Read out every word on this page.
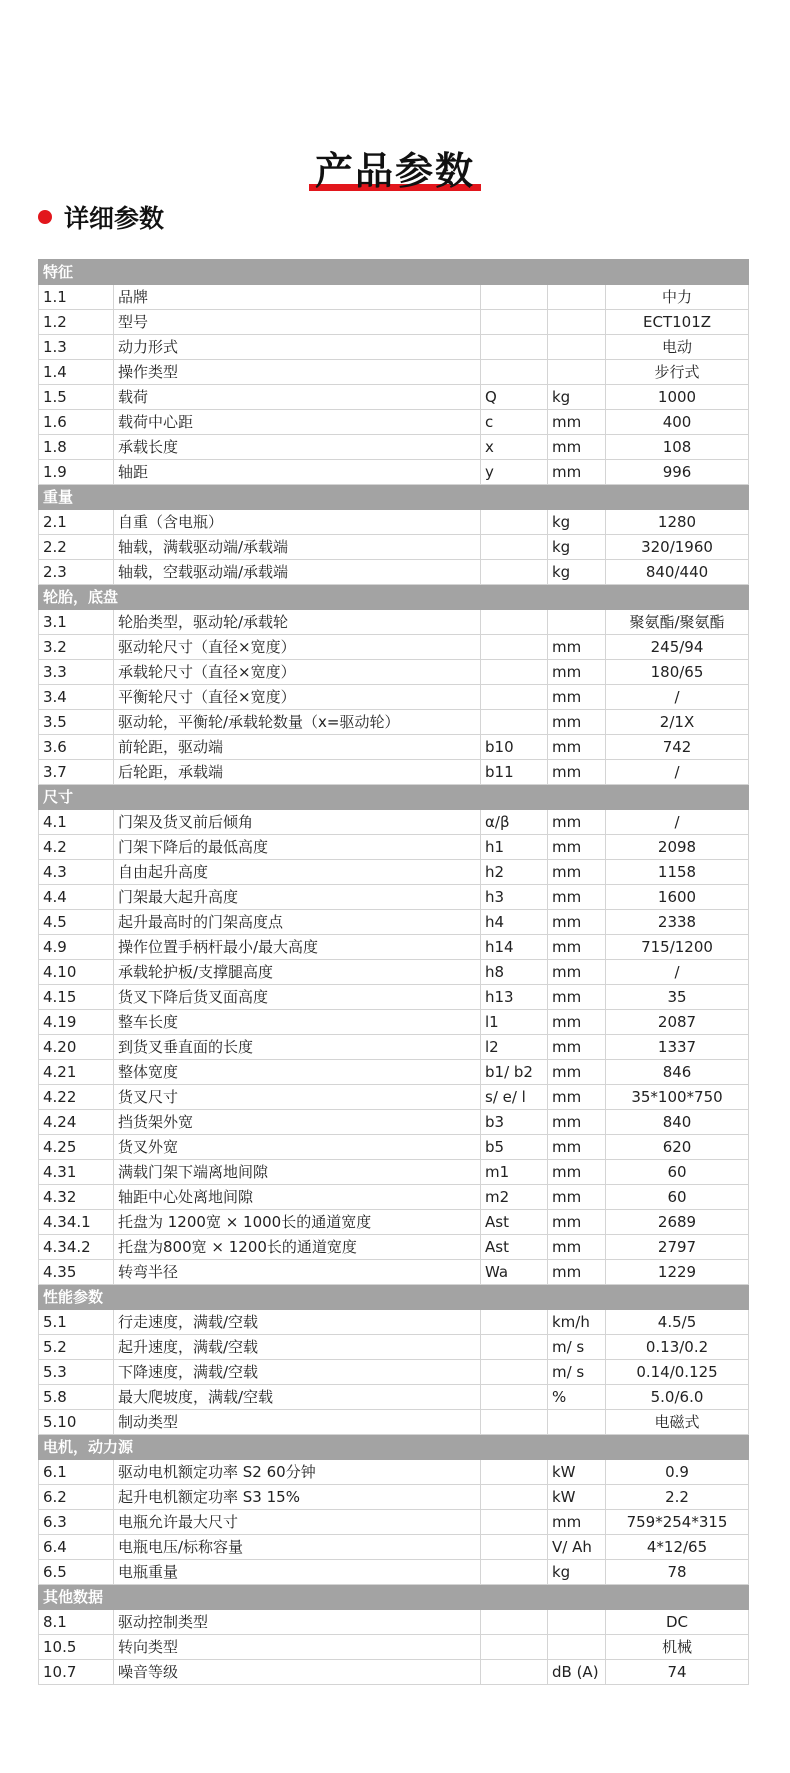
产品参数
详细参数
特征				
1.1	品牌			中力
1.2	型号			ECT101Z
1.3	动力形式			电动
1.4	操作类型			步行式
1.5	载荷	Q	kg	1000
1.6	载荷中心距	c	mm	400
1.8	承载长度	x	mm	108
1.9	轴距	y	mm	996
重量				
2.1	自重（含电瓶）		kg	1280
2.2	轴载，满载驱动端/承载端		kg	320/1960
2.3	轴载，空载驱动端/承载端		kg	840/440
轮胎，底盘				
3.1	轮胎类型，驱动轮/承载轮			聚氨酯/聚氨酯
3.2	驱动轮尺寸（直径×宽度）		mm	245/94
3.3	承载轮尺寸（直径×宽度）		mm	180/65
3.4	平衡轮尺寸（直径×宽度）		mm	/
3.5	驱动轮，平衡轮/承载轮数量（x=驱动轮）		mm	2/1X
3.6	前轮距，驱动端	b10	mm	742
3.7	后轮距，承载端	b11	mm	/
尺寸				
4.1	门架及货叉前后倾角	α/β	mm	/
4.2	门架下降后的最低高度	h1	mm	2098
4.3	自由起升高度	h2	mm	1158
4.4	门架最大起升高度	h3	mm	1600
4.5	起升最高时的门架高度点	h4	mm	2338
4.9	操作位置手柄杆最小/最大高度	h14	mm	715/1200
4.10	承载轮护板/支撑腿高度	h8	mm	/
4.15	货叉下降后货叉面高度	h13	mm	35
4.19	整车长度	l1	mm	2087
4.20	到货叉垂直面的长度	l2	mm	1337
4.21	整体宽度	b1/ b2	mm	846
4.22	货叉尺寸	s/ e/ l	mm	35*100*750
4.24	挡货架外宽	b3	mm	840
4.25	货叉外宽	b5	mm	620
4.31	满载门架下端离地间隙	m1	mm	60
4.32	轴距中心处离地间隙	m2	mm	60
4.34.1	托盘为 1200宽 × 1000长的通道宽度	Ast	mm	2689
4.34.2	托盘为800宽 × 1200长的通道宽度	Ast	mm	2797
4.35	转弯半径	Wa	mm	1229
性能参数				
5.1	行走速度，满载/空载		km/h	4.5/5
5.2	起升速度，满载/空载		m/ s	0.13/0.2
5.3	下降速度，满载/空载		m/ s	0.14/0.125
5.8	最大爬坡度，满载/空载		%	5.0/6.0
5.10	制动类型			电磁式
电机，动力源				
6.1	驱动电机额定功率 S2 60分钟		kW	0.9
6.2	起升电机额定功率 S3 15%		kW	2.2
6.3	电瓶允许最大尺寸		mm	759*254*315
6.4	电瓶电压/标称容量		V/ Ah	4*12/65
6.5	电瓶重量		kg	78
其他数据				
8.1	驱动控制类型			DC
10.5	转向类型			机械
10.7	噪音等级		dB (A)	74
